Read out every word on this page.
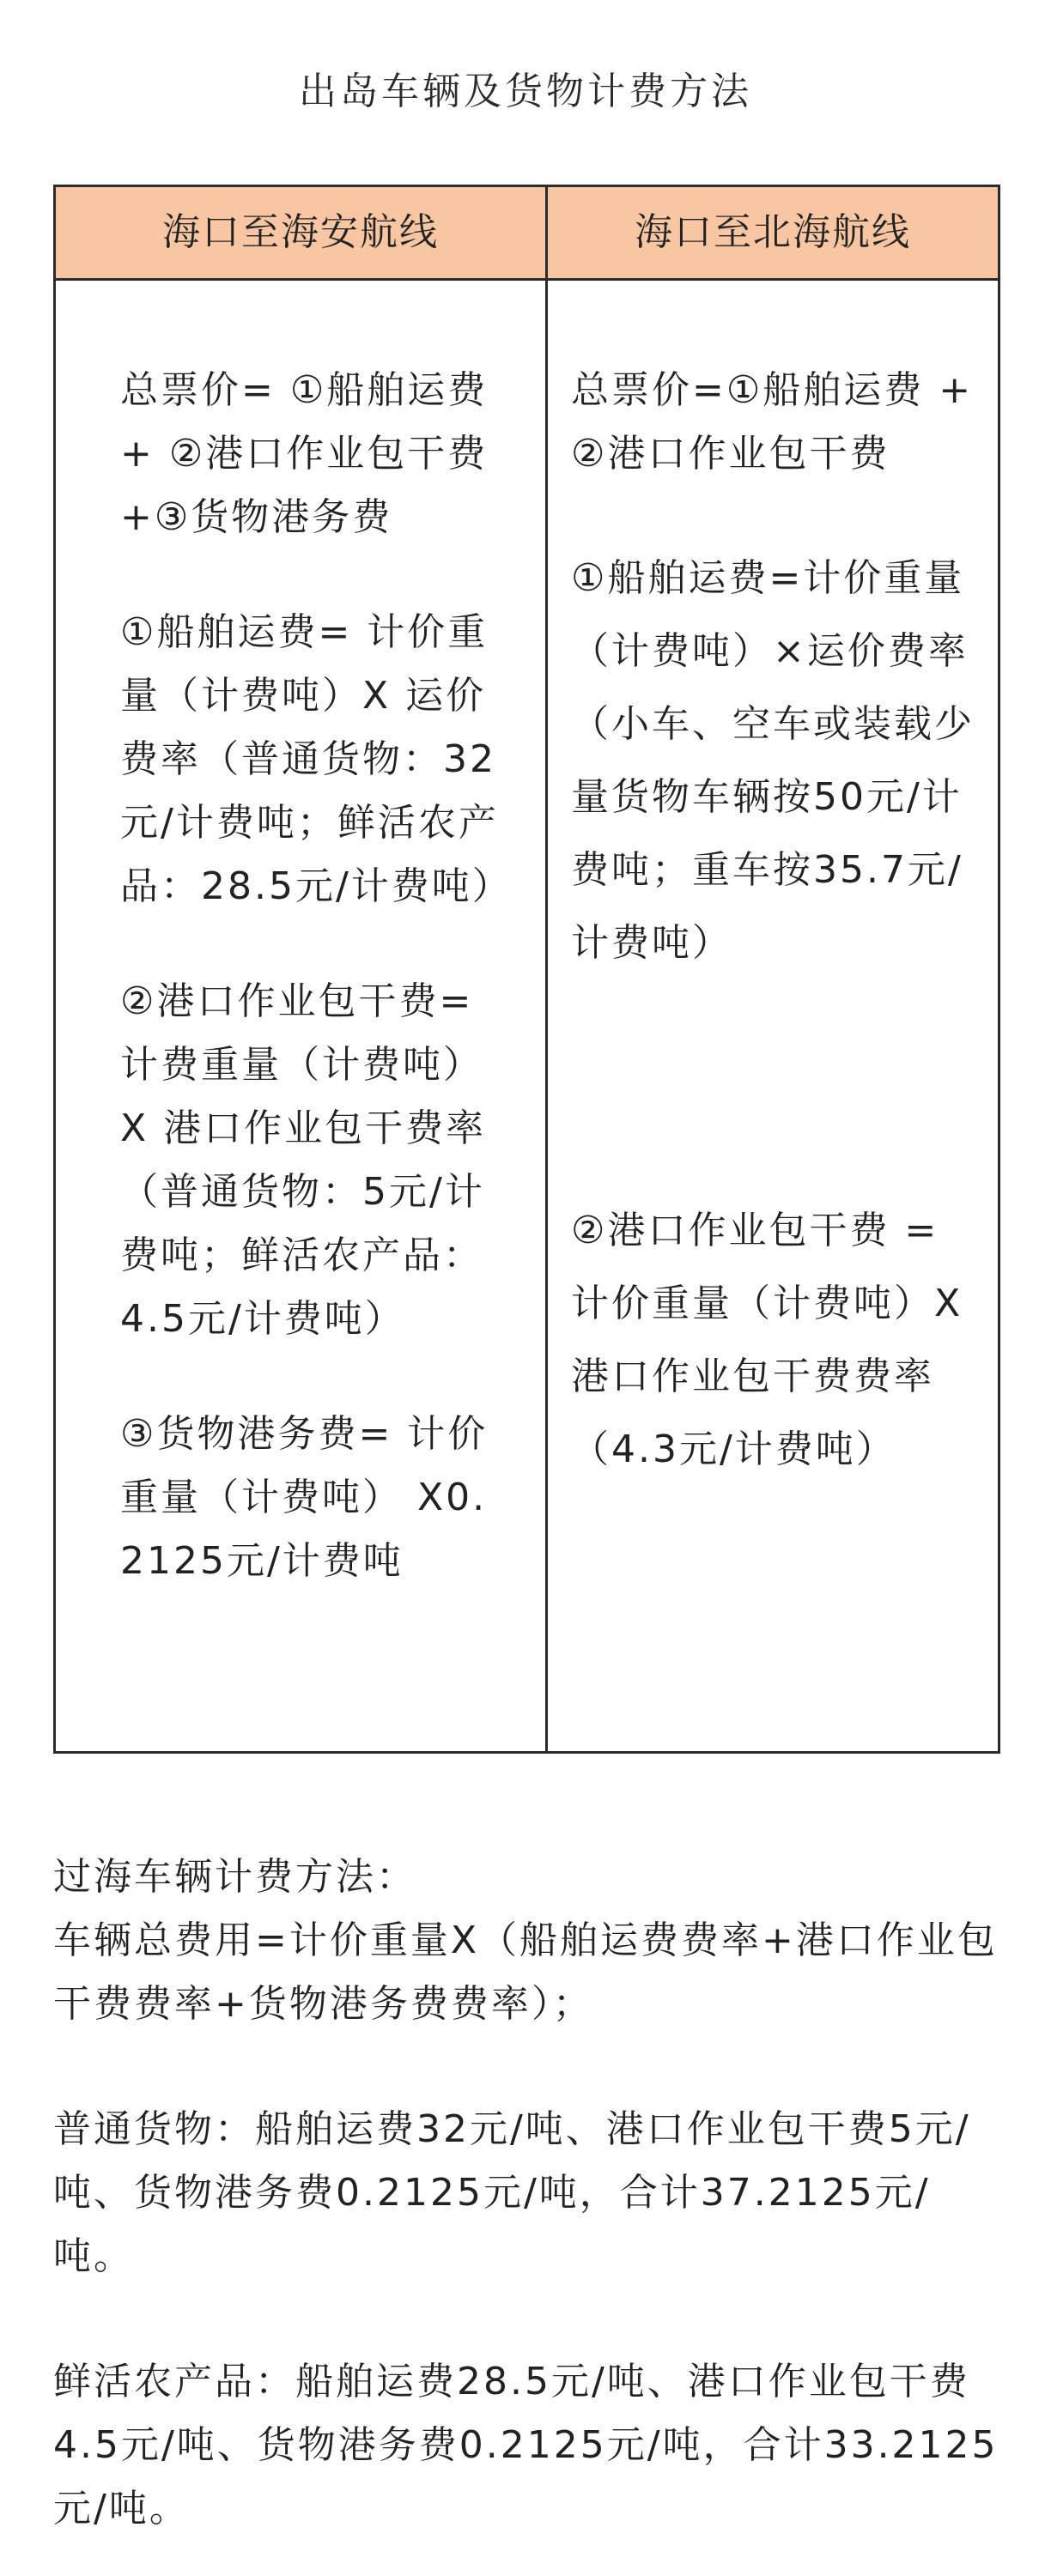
出岛车辆及货物计费方法
海口至海安航线	海口至北海航线

总票价= ①船舶运费 + ②港口作业包干费 +③货物港务费

①船舶运费= 计价重量（计费吨）X 运价费率（普通货物：32元/计费吨；鲜活农产品：28.5元/计费吨）

②港口作业包干费= 计费重量（计费吨）X 港口作业包干费率（普通货物：5元/计费吨；鲜活农产品：4.5元/计费吨）

③货物港务费= 计价重量（计费吨） X0.2125元/计费吨

总票价=①船舶运费 +②港口作业包干费

①船舶运费=计价重量（计费吨）×运价费率（小车、空车或装载少量货物车辆按50元/计费吨；重车按35.7元/计费吨）

②港口作业包干费 = 计价重量（计费吨）X 港口作业包干费费率（4.3元/计费吨）

过海车辆计费方法：

车辆总费用=计价重量X（船舶运费费率+港口作业包干费费率+货物港务费费率）；

普通货物：船舶运费32元/吨、港口作业包干费5元/吨、货物港务费0.2125元/吨，合计37.2125元/吨。

鲜活农产品：船舶运费28.5元/吨、港口作业包干费4.5元/吨、货物港务费0.2125元/吨，合计33.2125元/吨。
